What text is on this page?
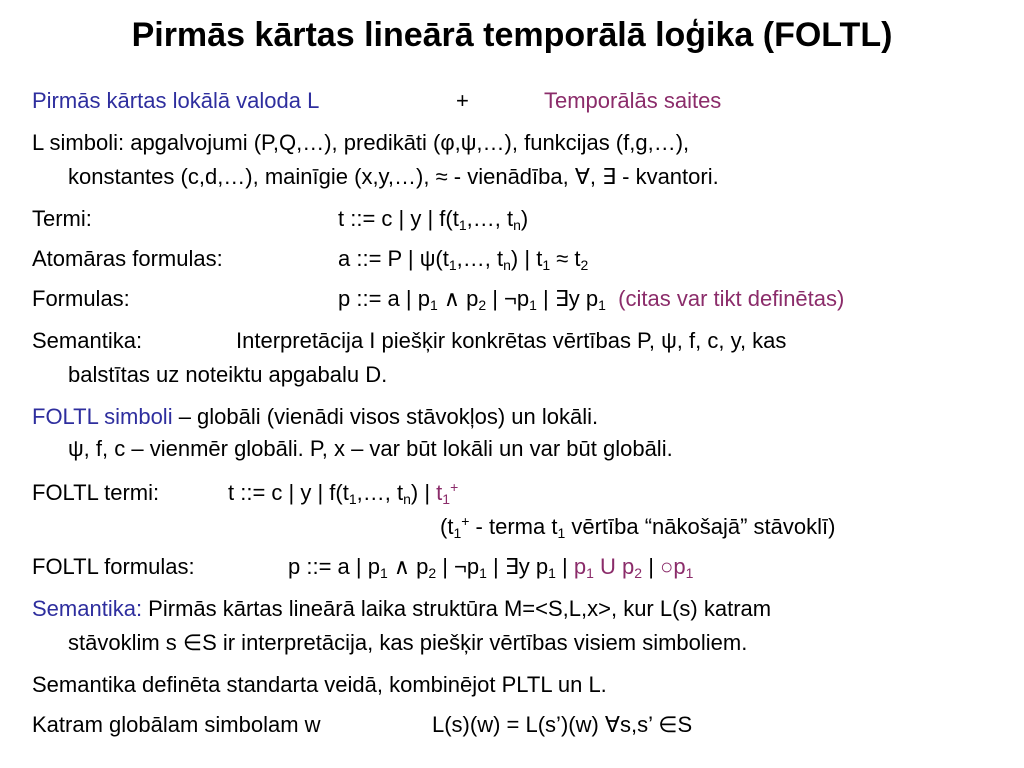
Pirmās kārtas lineārā temporālā loģika (FOLTL)
Pirmās kārtas lokālā valoda L	+	Temporālās saites
L simboli: apgalvojumi (P,Q,…), predikāti (φ,ψ,…), funkcijas (f,g,…),
konstantes (c,d,…), mainīgie (x,y,…), ≈ - vienādība, ∀, ∃ - kvantori.
Termi:	t ::= c | y | $f(t_1,\dots$, $t_n$)
Atomāras formulas:	a ::= P | $\psi(t_1,\dots$, $t_n$) | $t_1 \approx t_2$
Formulas:	p ::= a | $p_1$ ∧ $p_2$ | $\neg p_1$ | ∃y $p_1$ (citas var tikt definētas)
Semantika:	Interpretācija I piešķir konkrētas vērtības P, ψ, f, c, y, kas
balstītas uz noteiktu apgabalu D.
FOLTL simboli – globāli (vienādi visos stāvokļos) un lokāli.
ψ, f, c – vienmēr globāli. P, x – var būt lokāli un var būt globāli.
FOLTL termi:	t ::= c | y | $f(t_1,\dots$, $t_n$) | $t_1^+$
($t_1^+$ - terma $t_1$ vērtība “nākošajā” stāvoklī)
FOLTL formulas:	p ::= a | $p_1$ ∧ $p_2$ | $\neg p_1$ | ∃y $p_1$ | $p_1$ U $p_2$ | $○p_1$
Semantika: Pirmās kārtas lineārā laika struktūra M=<S,L,x>, kur L(s) katram
stāvoklim s ∈S ir interpretācija, kas piešķir vērtības visiem simboliem.
Semantika definēta standarta veidā, kombinējot PLTL un L.
Katram globālam simbolam w	L(s)(w) = L(s’)(w) ∀s,s’ ∈S
